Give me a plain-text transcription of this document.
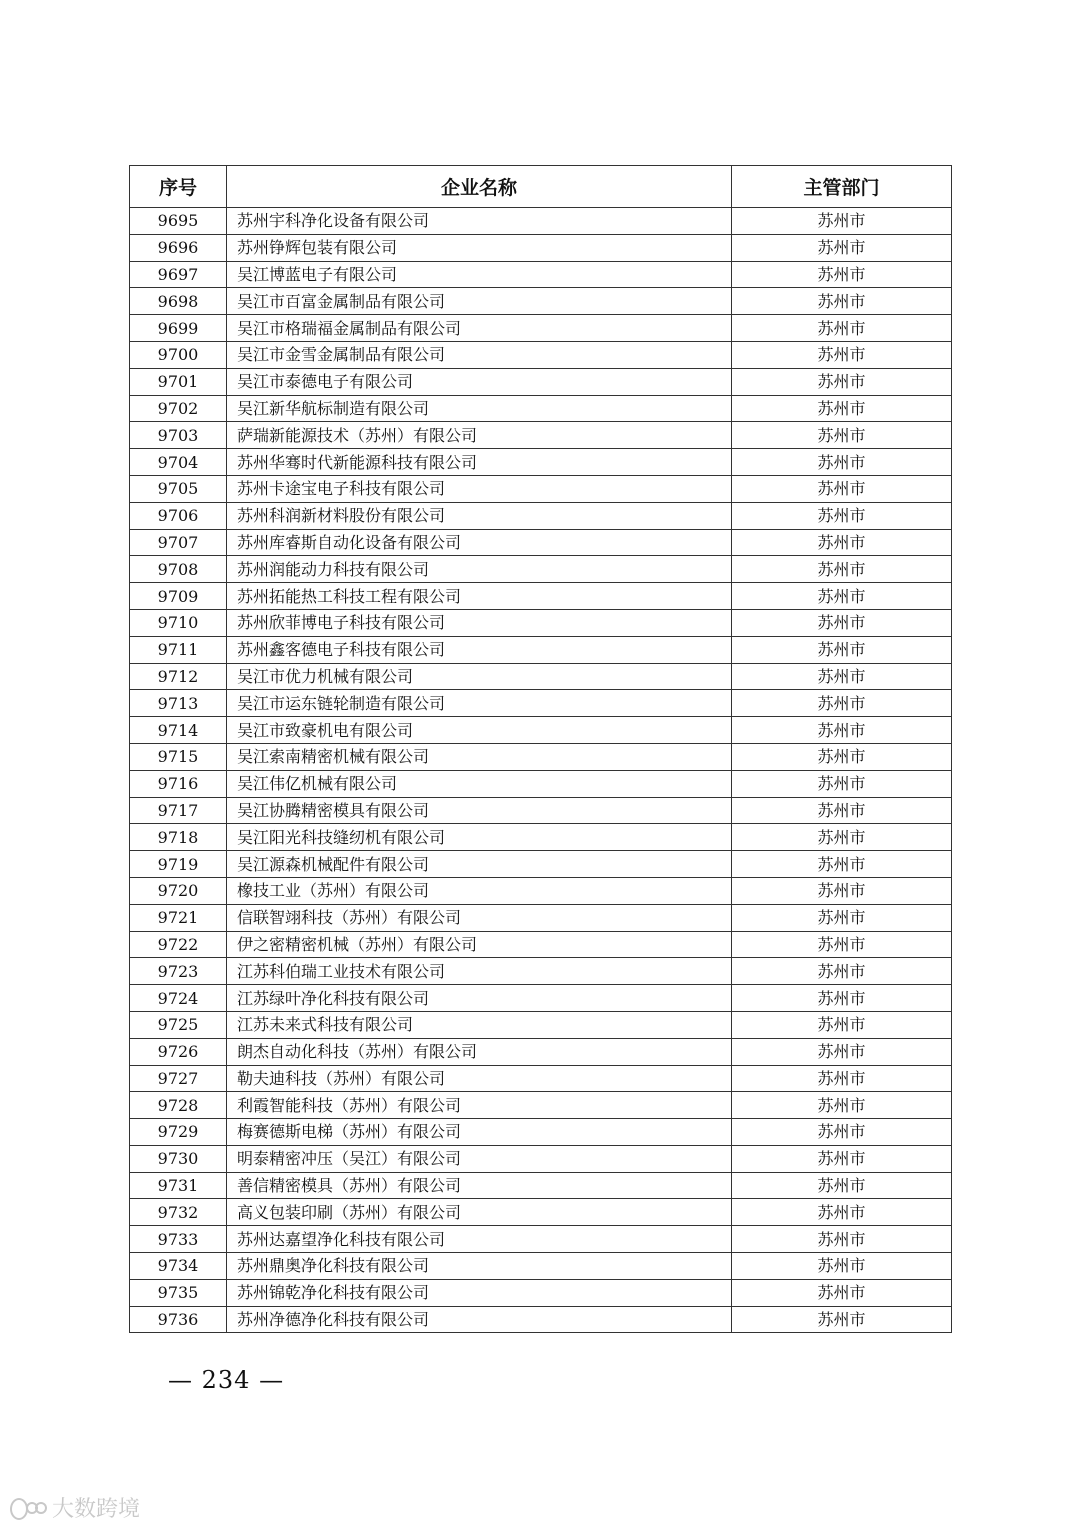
序号	企业名称	主管部门
9695	苏州宇科净化设备有限公司	苏州市
9696	苏州铮辉包装有限公司	苏州市
9697	吴江博蓝电子有限公司	苏州市
9698	吴江市百富金属制品有限公司	苏州市
9699	吴江市格瑞福金属制品有限公司	苏州市
9700	吴江市金雪金属制品有限公司	苏州市
9701	吴江市泰德电子有限公司	苏州市
9702	吴江新华航标制造有限公司	苏州市
9703	萨瑞新能源技术（苏州）有限公司	苏州市
9704	苏州华骞时代新能源科技有限公司	苏州市
9705	苏州卡途宝电子科技有限公司	苏州市
9706	苏州科润新材料股份有限公司	苏州市
9707	苏州库睿斯自动化设备有限公司	苏州市
9708	苏州润能动力科技有限公司	苏州市
9709	苏州拓能热工科技工程有限公司	苏州市
9710	苏州欣菲博电子科技有限公司	苏州市
9711	苏州鑫客德电子科技有限公司	苏州市
9712	吴江市优力机械有限公司	苏州市
9713	吴江市运东链轮制造有限公司	苏州市
9714	吴江市致豪机电有限公司	苏州市
9715	吴江索南精密机械有限公司	苏州市
9716	吴江伟亿机械有限公司	苏州市
9717	吴江协腾精密模具有限公司	苏州市
9718	吴江阳光科技缝纫机有限公司	苏州市
9719	吴江源森机械配件有限公司	苏州市
9720	橡技工业（苏州）有限公司	苏州市
9721	信联智翊科技（苏州）有限公司	苏州市
9722	伊之密精密机械（苏州）有限公司	苏州市
9723	江苏科伯瑞工业技术有限公司	苏州市
9724	江苏绿叶净化科技有限公司	苏州市
9725	江苏未来式科技有限公司	苏州市
9726	朗杰自动化科技（苏州）有限公司	苏州市
9727	勒夫迪科技（苏州）有限公司	苏州市
9728	利霞智能科技（苏州）有限公司	苏州市
9729	梅赛德斯电梯（苏州）有限公司	苏州市
9730	明泰精密冲压（吴江）有限公司	苏州市
9731	善信精密模具（苏州）有限公司	苏州市
9732	高义包装印刷（苏州）有限公司	苏州市
9733	苏州达嘉望净化科技有限公司	苏州市
9734	苏州鼎奥净化科技有限公司	苏州市
9735	苏州锦乾净化科技有限公司	苏州市
9736	苏州净德净化科技有限公司	苏州市
— 234 —
大数跨境
